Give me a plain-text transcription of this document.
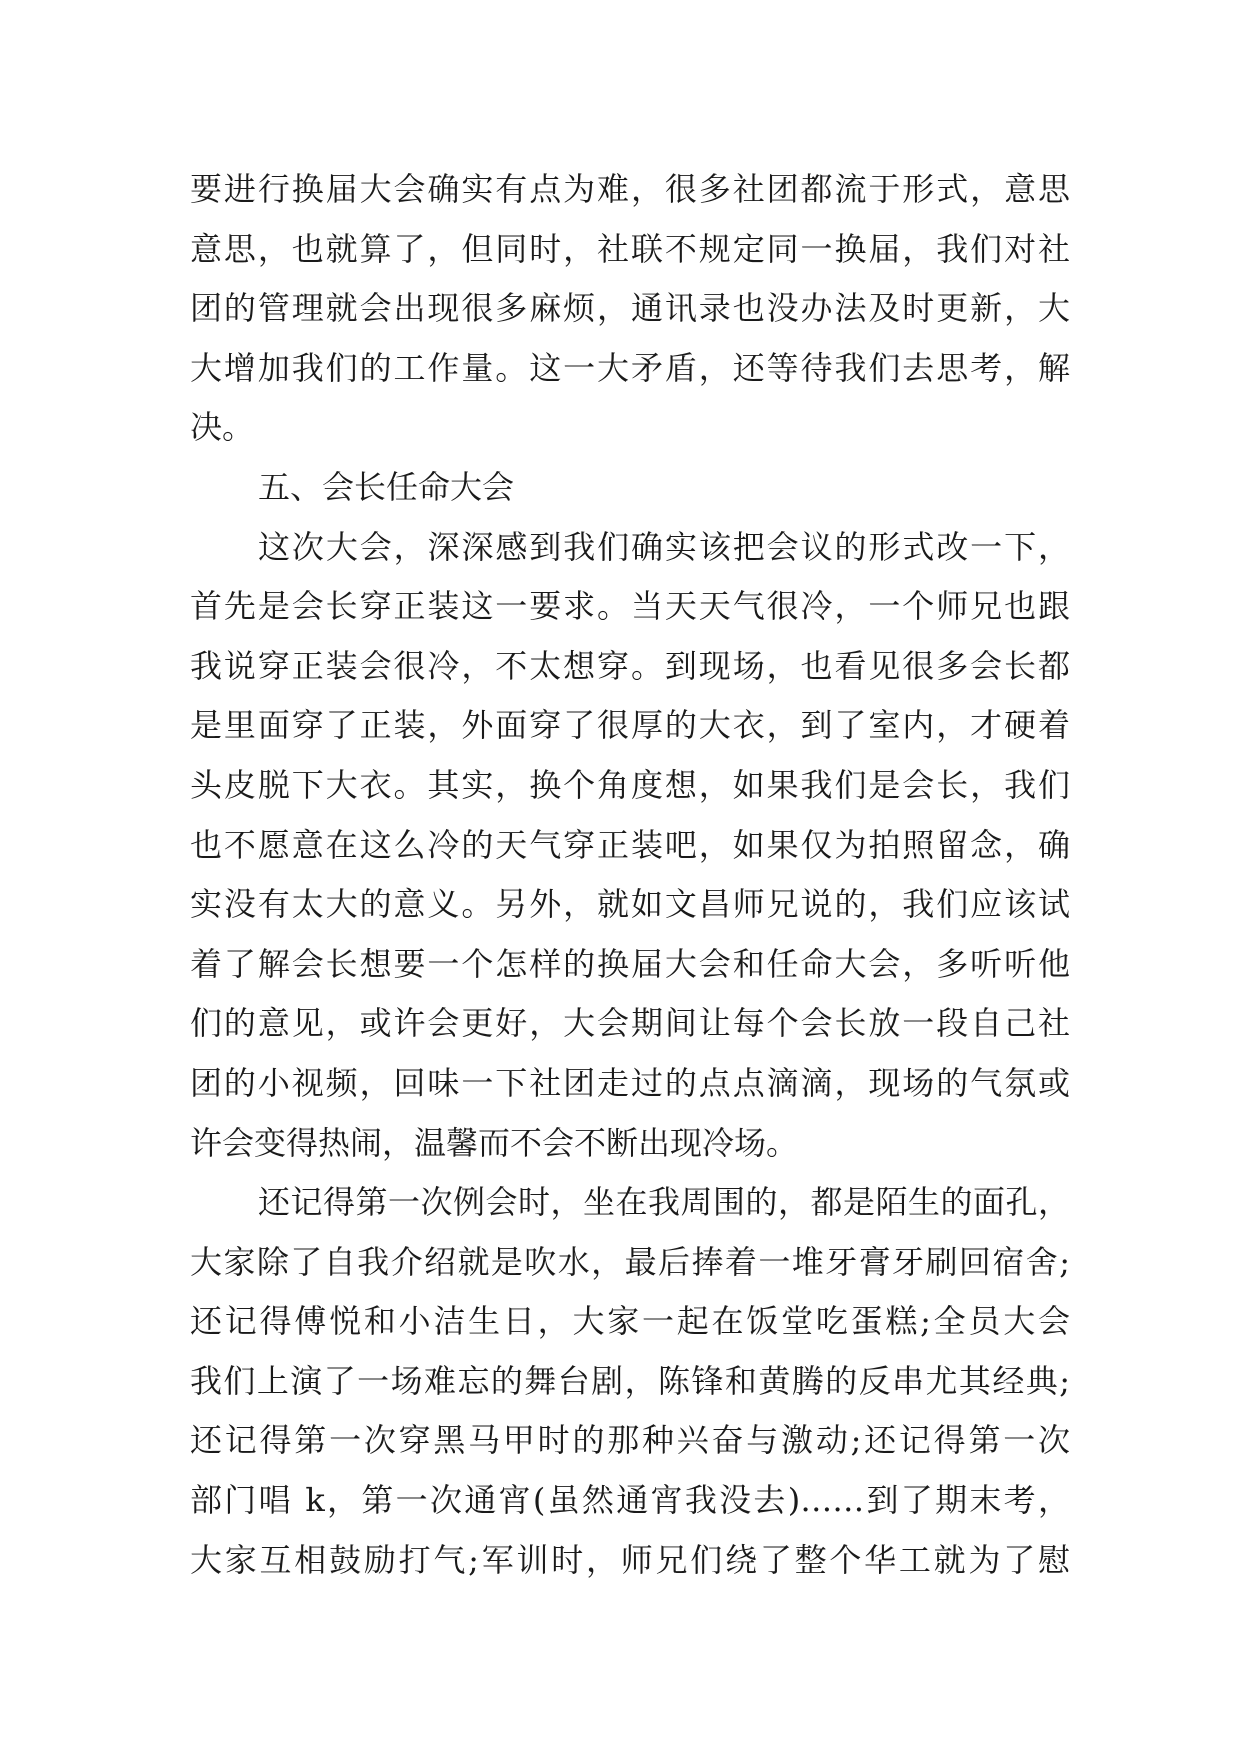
要进行换届大会确实有点为难，很多社团都流于形式，意思
意思，也就算了，但同时，社联不规定同一换届，我们对社
团的管理就会出现很多麻烦，通讯录也没办法及时更新，大
大增加我们的工作量。这一大矛盾，还等待我们去思考，解
决。
五、会长任命大会
这次大会，深深感到我们确实该把会议的形式改一下，
首先是会长穿正装这一要求。当天天气很冷，一个师兄也跟
我说穿正装会很冷，不太想穿。到现场，也看见很多会长都
是里面穿了正装，外面穿了很厚的大衣，到了室内，才硬着
头皮脱下大衣。其实，换个角度想，如果我们是会长，我们
也不愿意在这么冷的天气穿正装吧，如果仅为拍照留念，确
实没有太大的意义。另外，就如文昌师兄说的，我们应该试
着了解会长想要一个怎样的换届大会和任命大会，多听听他
们的意见，或许会更好，大会期间让每个会长放一段自己社
团的小视频，回味一下社团走过的点点滴滴，现场的气氛或
许会变得热闹，温馨而不会不断出现冷场。
还记得第一次例会时，坐在我周围的，都是陌生的面孔，
大家除了自我介绍就是吹水，最后捧着一堆牙膏牙刷回宿舍;
还记得傅悦和小洁生日，大家一起在饭堂吃蛋糕;全员大会
我们上演了一场难忘的舞台剧，陈锋和黄腾的反串尤其经典;
还记得第一次穿黑马甲时的那种兴奋与激动;还记得第一次
部门唱 k，第一次通宵(虽然通宵我没去)……到了期末考，
大家互相鼓励打气;军训时，师兄们绕了整个华工就为了慰
